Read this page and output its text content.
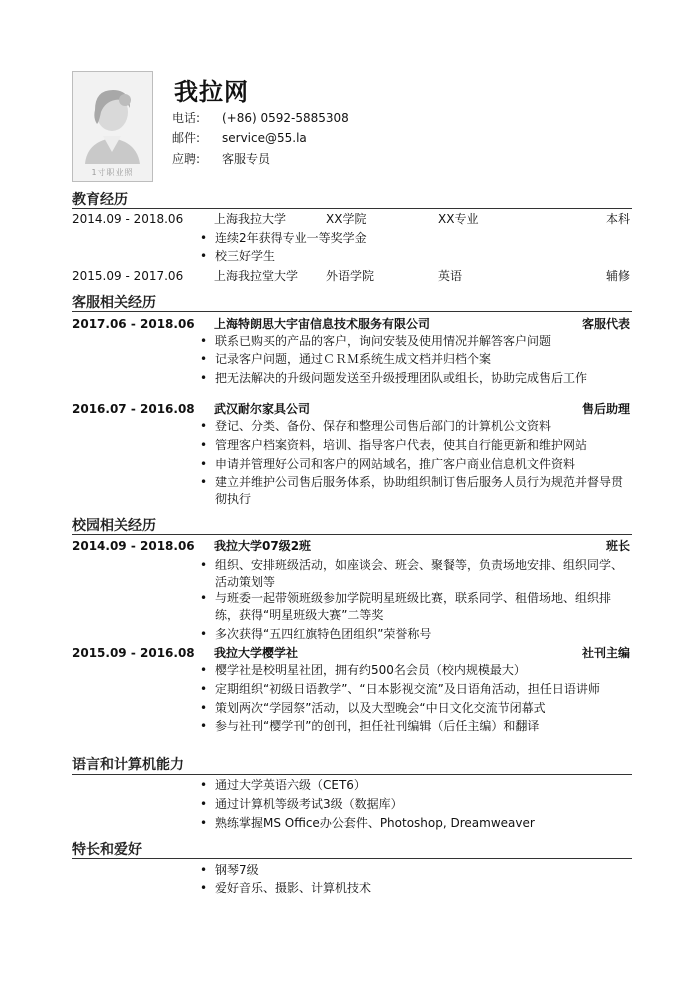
1寸职业照
我拉网
电话: (+86) 0592-5885308
邮件: service@55.la
应聘: 客服专员
教育经历
2014.09 - 2018.06	上海我拉大学	XX学院	XX专业	本科
• 连续2年获得专业一等奖学金
• 校三好学生
2015.09 - 2017.06	上海我拉堂大学 外语学院	英语	辅修
客服相关经历
2017.06 - 2018.06 上海特朗思大宇宙信息技术服务有限公司	客服代表
• 联系已购买的产品的客户，询问安装及使用情况并解答客户问题
• 记录客户问题，通过ＣＲＭ系统生成文档并归档个案
• 把无法解决的升级问题发送至升级授理团队或组长，协助完成售后工作
2016.07 - 2016.08 武汉耐尔家具公司	售后助理
• 登记、分类、备份、保存和整理公司售后部门的计算机公文资料
• 管理客户档案资料，培训、指导客户代表，使其自行能更新和维护网站
• 申请并管理好公司和客户的网站域名，推广客户商业信息机文件资料
• 建立并维护公司售后服务体系，协助组织制订售后服务人员行为规范并督导贯彻执行
校园相关经历
2014.09 - 2018.06 我拉大学07级2班	班长
• 组织、安排班级活动，如座谈会、班会、聚餐等，负责场地安排、组织同学、活动策划等
• 与班委一起带领班级参加学院明星班级比赛，联系同学、租借场地、组织排练，获得“明星班级大赛”二等奖
• 多次获得“五四红旗特色团组织”荣誉称号
2015.09 - 2016.08 我拉大学樱学社	社刊主编
• 樱学社是校明星社团，拥有约500名会员（校内规模最大）
• 定期组织“初级日语教学”、“日本影视交流”及日语角活动，担任日语讲师
• 策划两次“学园祭”活动，以及大型晚会“中日文化交流节闭幕式
• 参与社刊“樱学刊”的创刊，担任社刊编辑（后任主编）和翻译
语言和计算机能力
• 通过大学英语六级（CET6）
• 通过计算机等级考试3级（数据库）
• 熟练掌握MS Office办公套件、Photoshop, Dreamweaver
特长和爱好
• 钢琴7级
• 爱好音乐、摄影、计算机技术
